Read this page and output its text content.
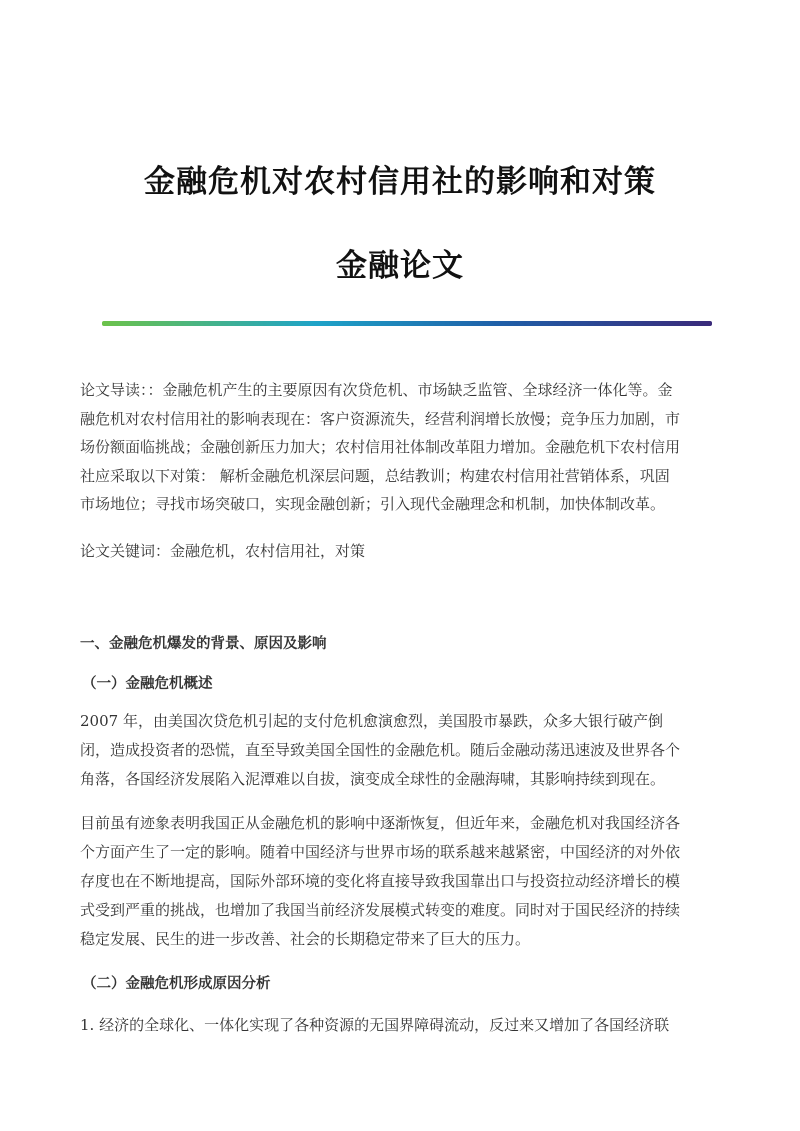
金融危机对农村信用社的影响和对策
金融论文

论文导读：：金融危机产生的主要原因有次贷危机、市场缺乏监管、全球经济一体化等。金
融危机对农村信用社的影响表现在：客户资源流失，经营利润增长放慢；竞争压力加剧，市
场份额面临挑战；金融创新压力加大；农村信用社体制改革阻力增加。金融危机下农村信用
社应采取以下对策： 解析金融危机深层问题，总结教训；构建农村信用社营销体系，巩固
市场地位；寻找市场突破口，实现金融创新；引入现代金融理念和机制，加快体制改革。

论文关键词：金融危机，农村信用社，对策

一、金融危机爆发的背景、原因及影响
（一）金融危机概述

2007 年，由美国次贷危机引起的支付危机愈演愈烈，美国股市暴跌，众多大银行破产倒
闭，造成投资者的恐慌，直至导致美国全国性的金融危机。随后金融动荡迅速波及世界各个
角落，各国经济发展陷入泥潭难以自拔，演变成全球性的金融海啸，其影响持续到现在。

目前虽有迹象表明我国正从金融危机的影响中逐渐恢复，但近年来，金融危机对我国经济各
个方面产生了一定的影响。随着中国经济与世界市场的联系越来越紧密，中国经济的对外依
存度也在不断地提高，国际外部环境的变化将直接导致我国靠出口与投资拉动经济增长的模
式受到严重的挑战，也增加了我国当前经济发展模式转变的难度。同时对于国民经济的持续
稳定发展、民生的进一步改善、社会的长期稳定带来了巨大的压力。

（二）金融危机形成原因分析

1. 经济的全球化、一体化实现了各种资源的无国界障碍流动，反过来又增加了各国经济联
